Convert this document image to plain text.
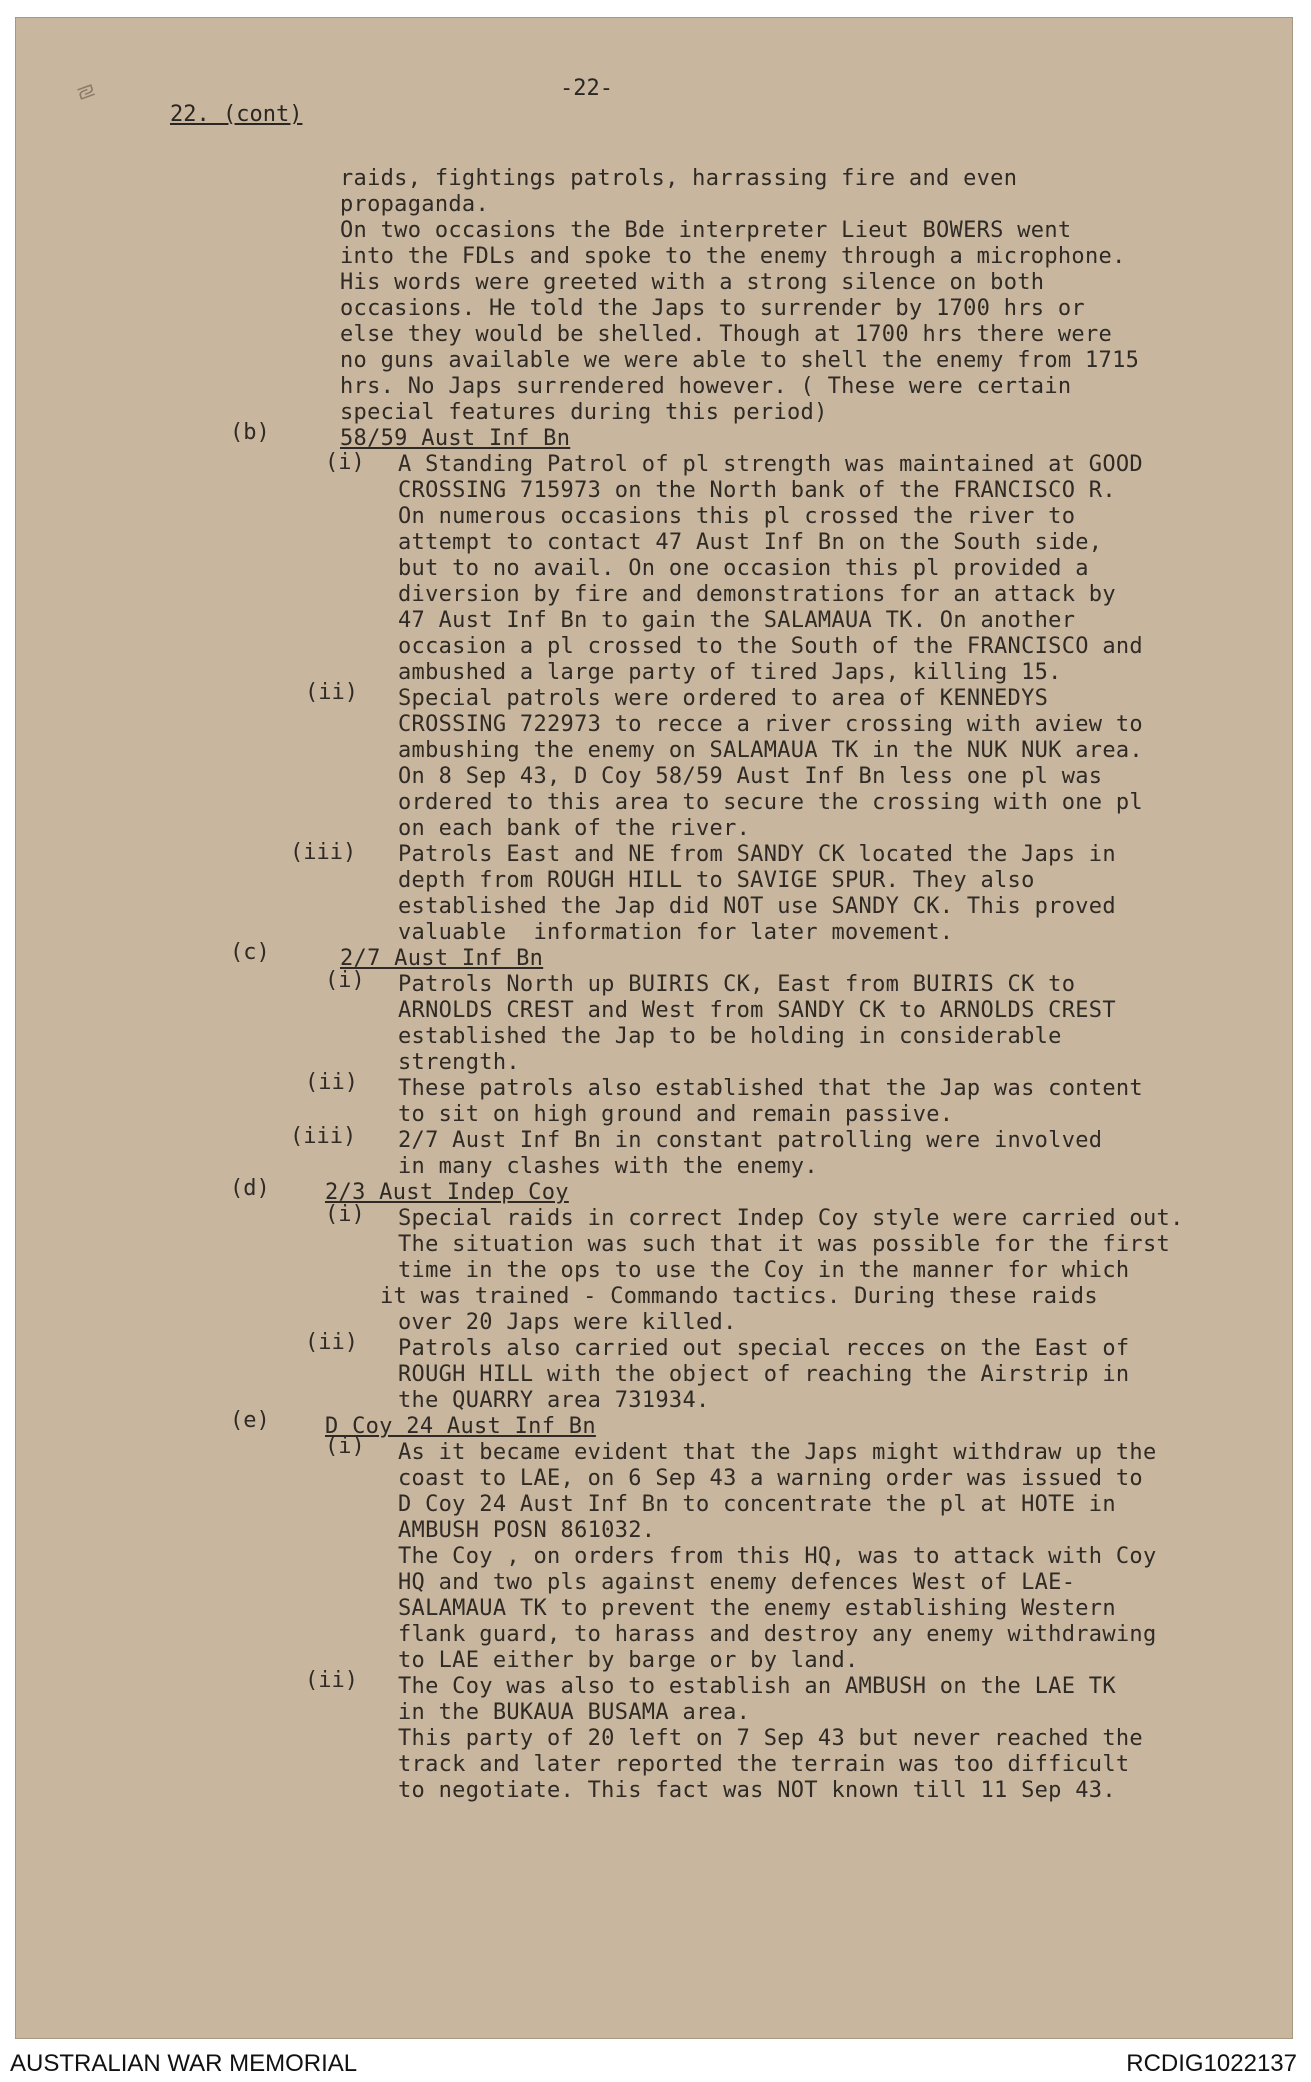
₪	-22-
22. (cont)
raids, fightings patrols, harrassing fire and even
propaganda.
On two occasions the Bde interpreter Lieut BOWERS went
into the FDLs and spoke to the enemy through a microphone.
His words were greeted with a strong silence on both
occasions. He told the Japs to surrender by 1700 hrs or
else they would be shelled. Though at 1700 hrs there were
no guns available we were able to shell the enemy from 1715
hrs. No Japs surrendered however. ( These were certain
special features during this period)
(b)	58/59 Aust Inf Bn
(i) A Standing Patrol of pl strength was maintained at GOOD
CROSSING 715973 on the North bank of the FRANCISCO R.
On numerous occasions this pl crossed the river to
attempt to contact 47 Aust Inf Bn on the South side,
but to no avail. On one occasion this pl provided a
diversion by fire and demonstrations for an attack by
47 Aust Inf Bn to gain the SALAMAUA TK. On another
occasion a pl crossed to the South of the FRANCISCO and
ambushed a large party of tired Japs, killing 15.
(ii) Special patrols were ordered to area of KENNEDYS
CROSSING 722973 to recce a river crossing with aview to
ambushing the enemy on SALAMAUA TK in the NUK NUK area.
On 8 Sep 43, D Coy 58/59 Aust Inf Bn less one pl was
ordered to this area to secure the crossing with one pl
on each bank of the river.
(iii) Patrols East and NE from SANDY CK located the Japs in
depth from ROUGH HILL to SAVIGE SPUR. They also
established the Jap did NOT use SANDY CK. This proved
valuable  information for later movement.
(c)	2/7 Aust Inf Bn
(i) Patrols North up BUIRIS CK, East from BUIRIS CK to
ARNOLDS CREST and West from SANDY CK to ARNOLDS CREST
established the Jap to be holding in considerable
strength.
(ii) These patrols also established that the Jap was content
to sit on high ground and remain passive.
(iii) 2/7 Aust Inf Bn in constant patrolling were involved
in many clashes with the enemy.
(d)	2/3 Aust Indep Coy
(i) Special raids in correct Indep Coy style were carried out.
The situation was such that it was possible for the first
time in the ops to use the Coy in the manner for which
it was trained - Commando tactics. During these raids
over 20 Japs were killed.
(ii) Patrols also carried out special recces on the East of
ROUGH HILL with the object of reaching the Airstrip in
the QUARRY area 731934.
(e)	D Coy 24 Aust Inf Bn
(i) As it became evident that the Japs might withdraw up the
coast to LAE, on 6 Sep 43 a warning order was issued to
D Coy 24 Aust Inf Bn to concentrate the pl at HOTE in
AMBUSH POSN 861032.
The Coy , on orders from this HQ, was to attack with Coy
HQ and two pls against enemy defences West of LAE-
SALAMAUA TK to prevent the enemy establishing Western
flank guard, to harass and destroy any enemy withdrawing
to LAE either by barge or by land.
(ii) The Coy was also to establish an AMBUSH on the LAE TK
in the BUKAUA BUSAMA area.
This party of 20 left on 7 Sep 43 but never reached the
track and later reported the terrain was too difficult
to negotiate. This fact was NOT known till 11 Sep 43.
AUSTRALIAN WAR MEMORIAL	RCDIG1022137
